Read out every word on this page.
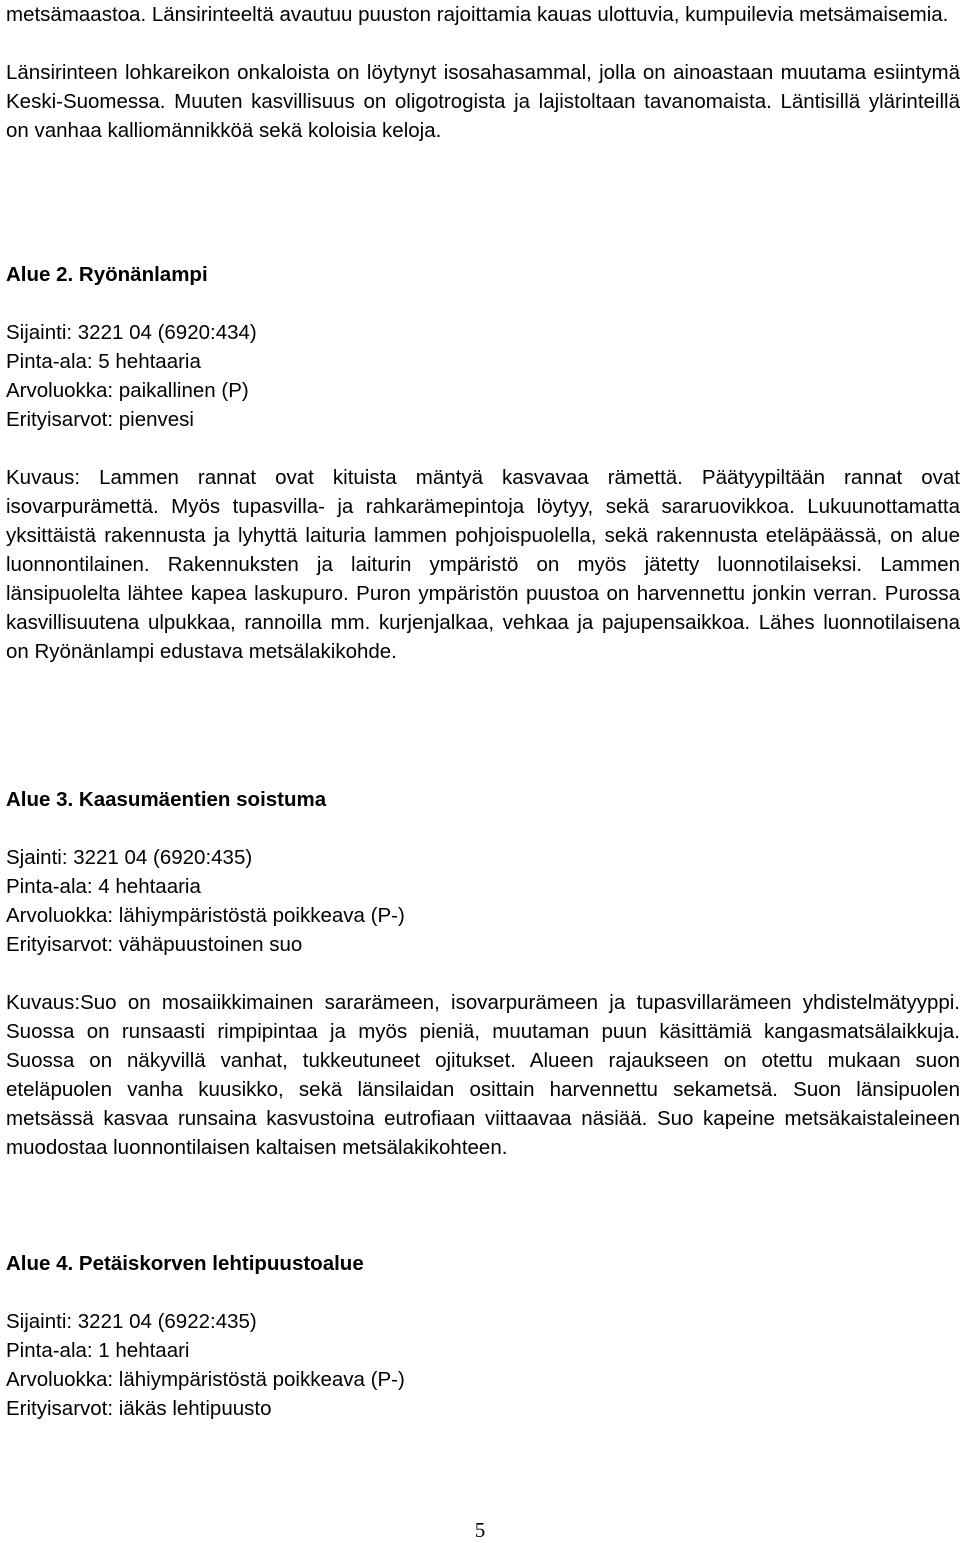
metsämaastoa. Länsirinteeltä avautuu puuston rajoittamia kauas ulottuvia, kumpuilevia metsämaisemia.

Länsirinteen lohkareikon onkaloista on löytynyt isosahasammal, jolla on ainoastaan muutama esiintymä Keski-Suomessa. Muuten kasvillisuus on oligotrogista ja lajistoltaan tavanomaista. Läntisillä ylärinteillä on vanhaa kalliomännikköä sekä koloisia keloja.

Alue 2. Ryönänlampi

Sijainti: 3221 04 (6920:434)

Pinta-ala: 5 hehtaaria

Arvoluokka: paikallinen (P)

Erityisarvot: pienvesi

Kuvaus: Lammen rannat ovat kituista mäntyä kasvavaa rämettä. Päätyypiltään rannat ovat isovarpurämettä. Myös tupasvilla- ja rahkarämepintoja löytyy, sekä sararuovikkoa. Lukuunottamatta yksittäistä rakennusta ja lyhyttä laituria lammen pohjoispuolella, sekä rakennusta eteläpäässä, on alue luonnontilainen. Rakennuksten ja laiturin ympäristö on myös jätetty luonnotilaiseksi. Lammen länsipuolelta lähtee kapea laskupuro. Puron ympäristön puustoa on harvennettu jonkin verran. Purossa kasvillisuutena ulpukkaa, rannoilla mm. kurjenjalkaa, vehkaa ja pajupensaikkoa. Lähes luonnotilaisena on Ryönänlampi edustava metsälakikohde.

Alue 3. Kaasumäentien soistuma

Sjainti: 3221 04 (6920:435)

Pinta-ala: 4 hehtaaria

Arvoluokka: lähiympäristöstä poikkeava (P-)

Erityisarvot: vähäpuustoinen suo

Kuvaus:Suo on mosaiikkimainen sararämeen, isovarpurämeen ja tupasvillarämeen yhdistelmätyyppi. Suossa on runsaasti rimpipintaa ja myös pieniä, muutaman puun käsittämiä kangasmatsälaikkuja. Suossa on näkyvillä vanhat, tukkeutuneet ojitukset. Alueen rajaukseen on otettu mukaan suon eteläpuolen vanha kuusikko, sekä länsilaidan osittain harvennettu sekametsä. Suon länsipuolen metsässä kasvaa runsaina kasvustoina eutrofiaan viittaavaa näsiää. Suo kapeine metsäkaistaleineen muodostaa luonnontilaisen kaltaisen metsälakikohteen.

Alue 4. Petäiskorven lehtipuustoalue

Sijainti: 3221 04 (6922:435)

Pinta-ala: 1 hehtaari

Arvoluokka: lähiympäristöstä poikkeava (P-)

Erityisarvot: iäkäs lehtipuusto

5
